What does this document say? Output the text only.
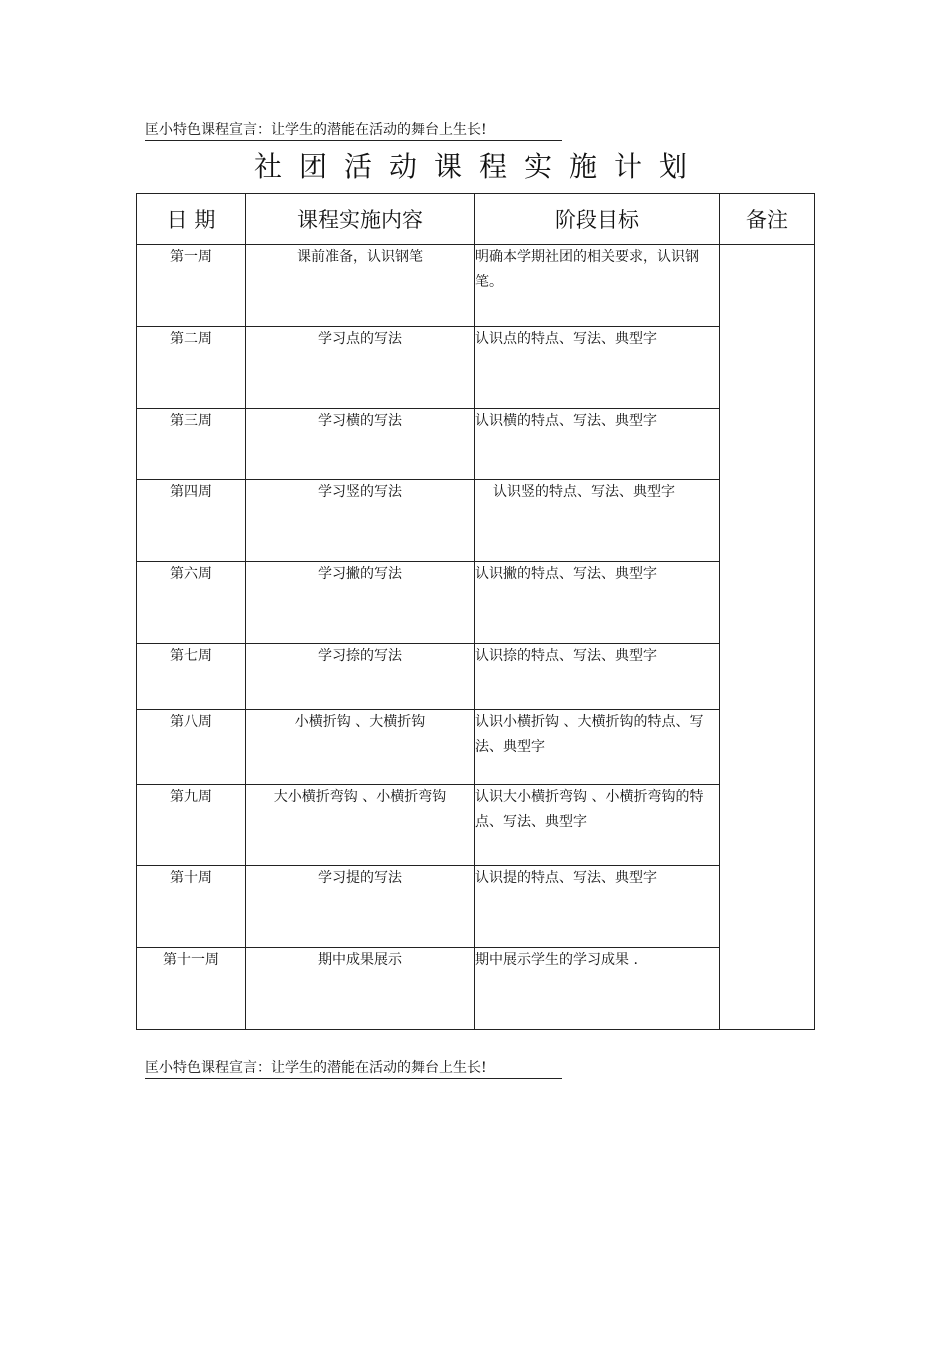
匡小特色课程宣言：让学生的潜能在活动的舞台上生长!
社团活动课程实施计划
日 期	课程实施内容	阶段目标	备注
第一周	课前准备，认识钢笔	明确本学期社团的相关要求，认识钢笔。	
第二周	学习点的写法	认识点的特点、写法、典型字	
第三周	学习横的写法	认识横的特点、写法、典型字	
第四周	学习竖的写法	认识竖的特点、写法、典型字	
第六周	学习撇的写法	认识撇的特点、写法、典型字	
第七周	学习捺的写法	认识捺的特点、写法、典型字	
第八周	小横折钩 、大横折钩	认识小横折钩 、大横折钩的特点、写法、典型字	
第九周	大小横折弯钩 、小横折弯钩	认识大小横折弯钩 、小横折弯钩的特点、写法、典型字	
第十周	学习提的写法	认识提的特点、写法、典型字	
第十一周	期中成果展示	期中展示学生的学习成果 .	
匡小特色课程宣言：让学生的潜能在活动的舞台上生长!
